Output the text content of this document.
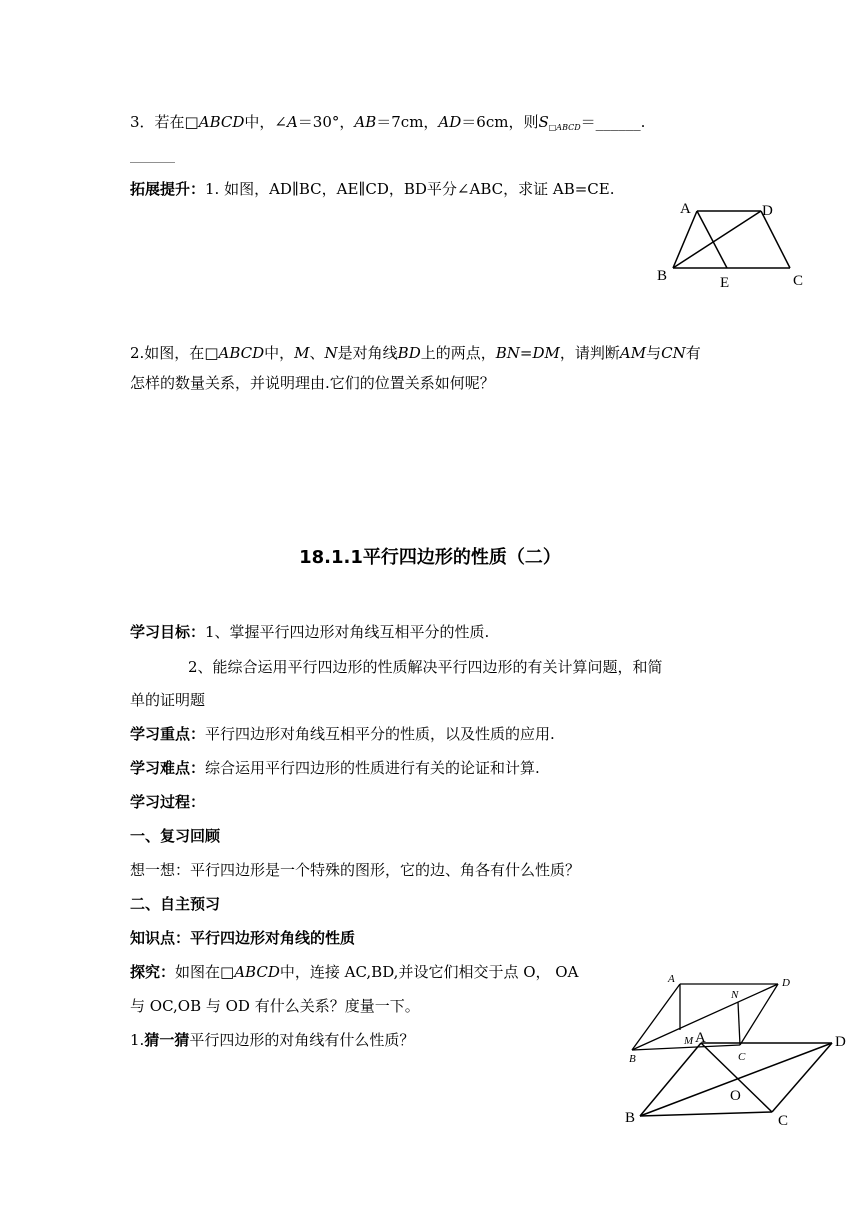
3．若在□ABCD中，∠A＝30°，AB＝7cm，AD＝6cm，则$S_{□ABCD}=\_\_\_\_\_\_$.
______
拓展提升：1. 如图，AD∥BC，AE∥CD，BD平分∠ABC，求证 AB=CE.
A	D
B	E	C
2.如图，在□ABCD中，M、N是对角线BD上的两点，BN=DM，请判断AM与CN有
怎样的数量关系，并说明理由.它们的位置关系如何呢？
18.1.1平行四边形的性质（二）
学习目标：1、掌握平行四边形对角线互相平分的性质.
2、能综合运用平行四边形的性质解决平行四边形的有关计算问题，和简
单的证明题
学习重点：平行四边形对角线互相平分的性质，以及性质的应用.
学习难点：综合运用平行四边形的性质进行有关的论证和计算.
学习过程：
一、复习回顾
想一想：平行四边形是一个特殊的图形，它的边、角各有什么性质？
二、自主预习
知识点：平行四边形对角线的性质
探究：如图在□ABCD中，连接 AC,BD,并设它们相交于点 O， OA
与 OC,OB 与 OD 有什么关系？度量一下。
1.猜一猜平行四边形的对角线有什么性质？
A	D
N
M
B	C
A	D
O
B	C
